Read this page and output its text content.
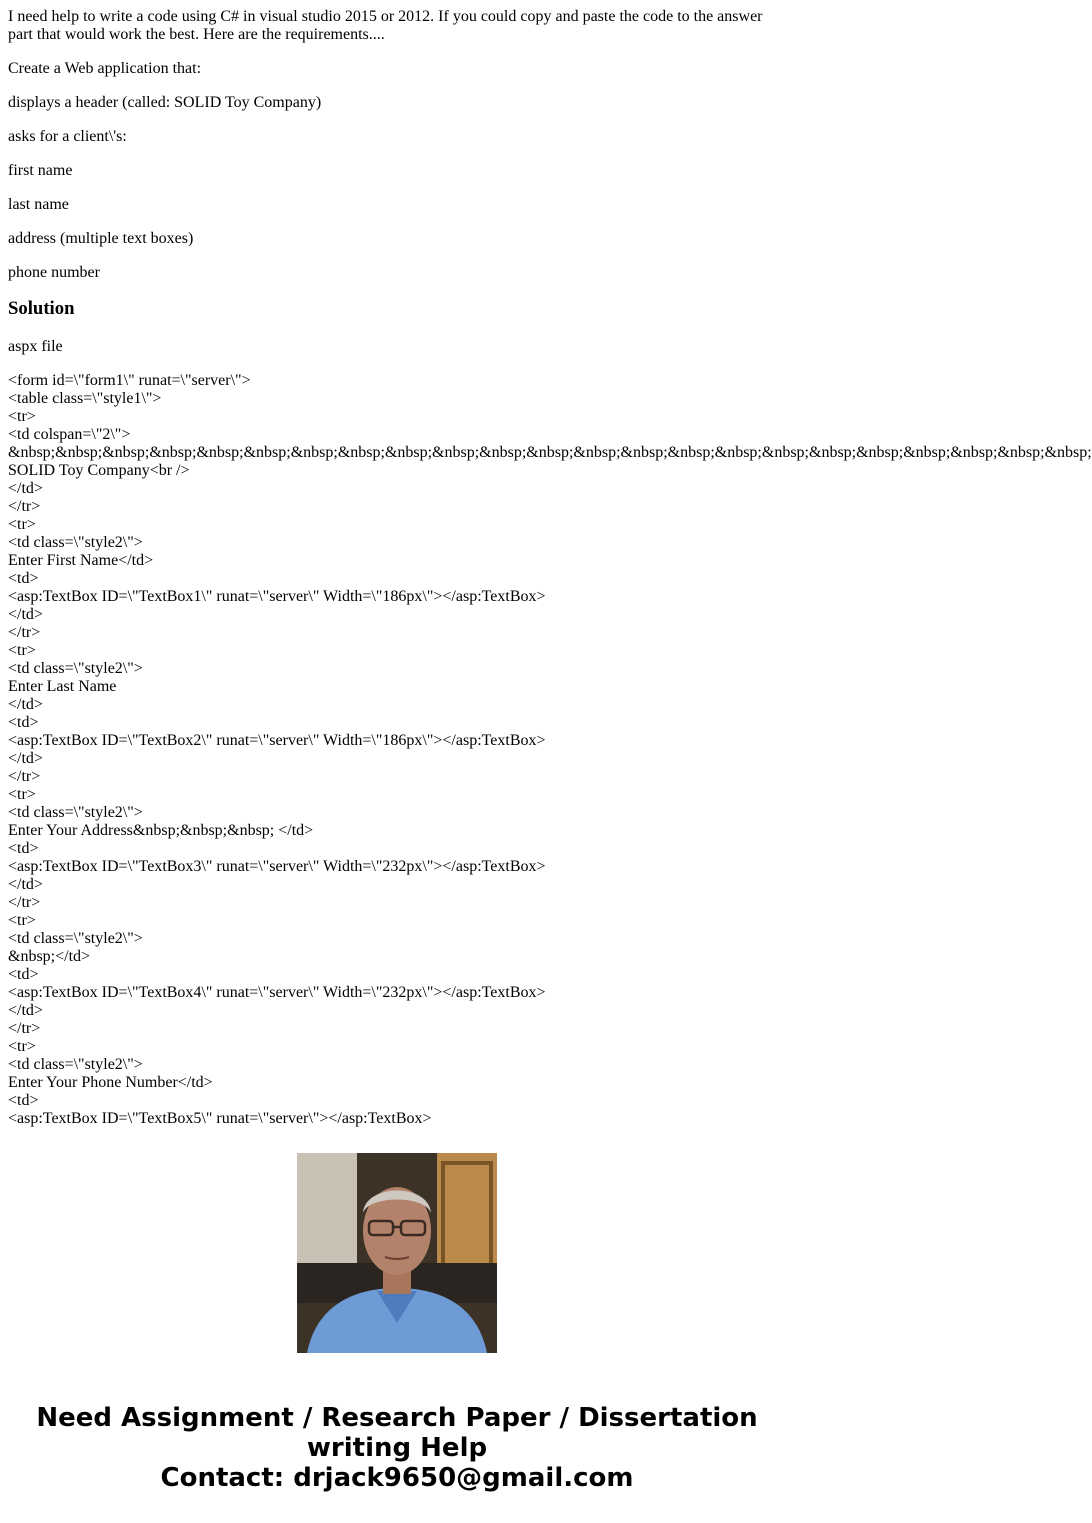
I need help to write a code using C# in visual studio 2015 or 2012. If you could copy and paste the code to the answer part that would work the best. Here are the requirements....

Create a Web application that:

displays a header (called: SOLID Toy Company)

asks for a client\'s:

first name

last name

address (multiple text boxes)

phone number

Solution

aspx file

<form id=\"form1\" runat=\"server\">
<table class=\"style1\">
<tr>
<td colspan=\"2\">
&nbsp;&nbsp;&nbsp;&nbsp;&nbsp;&nbsp;&nbsp;&nbsp;&nbsp;&nbsp;&nbsp;&nbsp;&nbsp;&nbsp;&nbsp;&nbsp;&nbsp;&nbsp;&nbsp;&nbsp;&nbsp;&nbsp;&nbsp;
SOLID Toy Company<br />
</td>
</tr>
<tr>
<td class=\"style2\">
Enter First Name</td>
<td>
<asp:TextBox ID=\"TextBox1\" runat=\"server\" Width=\"186px\"></asp:TextBox>
</td>
</tr>
<tr>
<td class=\"style2\">
Enter Last Name
</td>
<td>
<asp:TextBox ID=\"TextBox2\" runat=\"server\" Width=\"186px\"></asp:TextBox>
</td>
</tr>
<tr>
<td class=\"style2\">
Enter Your Address&nbsp;&nbsp;&nbsp; </td>
<td>
<asp:TextBox ID=\"TextBox3\" runat=\"server\" Width=\"232px\"></asp:TextBox>
</td>
</tr>
<tr>
<td class=\"style2\">
&nbsp;</td>
<td>
<asp:TextBox ID=\"TextBox4\" runat=\"server\" Width=\"232px\"></asp:TextBox>
</td>
</tr>
<tr>
<td class=\"style2\">
Enter Your Phone Number</td>
<td>
<asp:TextBox ID=\"TextBox5\" runat=\"server\"></asp:TextBox>
Need Assignment / Research Paper / Dissertation
writing Help
Contact: drjack9650@gmail.com
